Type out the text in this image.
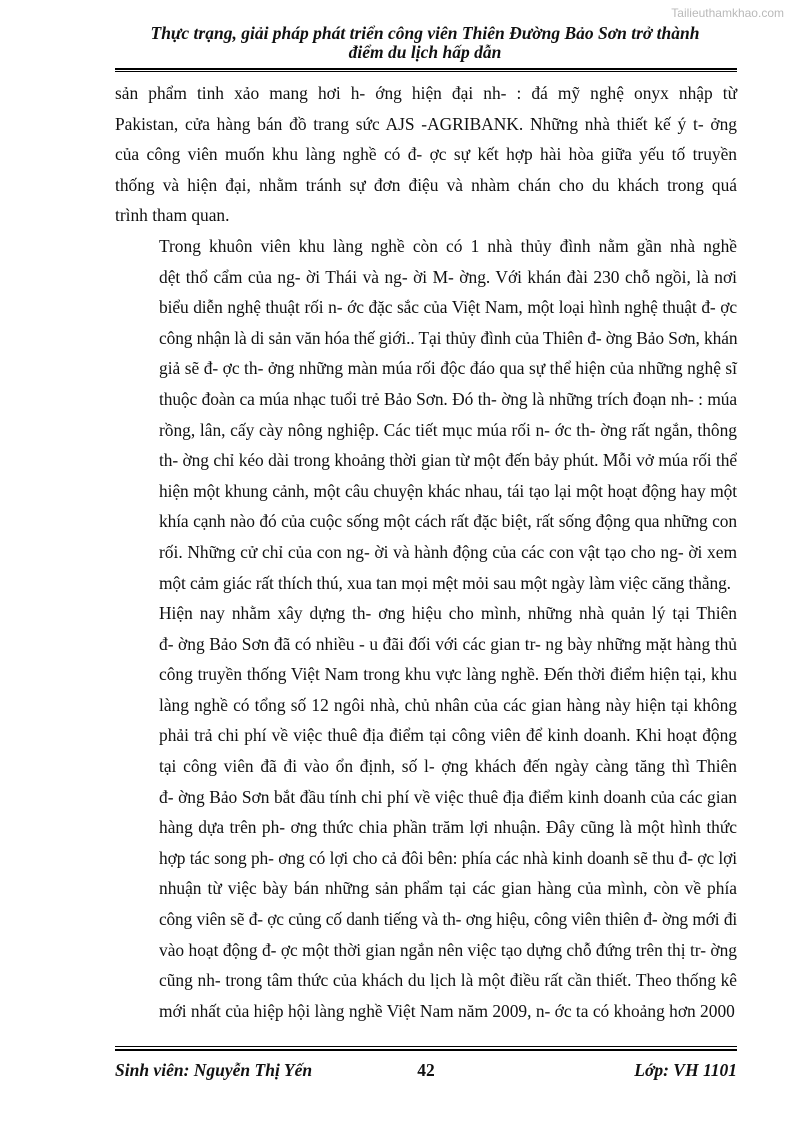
Tailieuthamkhao.com
Thực trạng, giải pháp phát triển công viên Thiên Đường Bảo Sơn trở thành
điểm du lịch hấp dẫn

sản phẩm tinh xảo mang hơi h- ớng hiện đại nh- : đá mỹ nghệ onyx nhập từ
Pakistan, cửa hàng bán đồ trang sức AJS -AGRIBANK. Những nhà thiết kế ý t- ởng
của công viên muốn khu làng nghề có đ- ợc sự kết hợp hài hòa giữa yếu tố truyền
thống và hiện đại, nhằm tránh sự đơn điệu và nhàm chán cho du khách trong quá
trình tham quan.

Trong khuôn viên khu làng nghề còn có 1 nhà thủy đình nằm gần nhà nghề
dệt thổ cẩm của ng- ời Thái và ng- ời M- ờng. Với khán đài 230 chỗ ngồi, là nơi
biểu diễn nghệ thuật rối n- ớc đặc sắc của Việt Nam, một loại hình nghệ thuật đ- ợc
công nhận là di sản văn hóa thế giới.. Tại thủy đình của Thiên đ- ờng Bảo Sơn, khán
giả sẽ đ- ợc th- ởng những màn múa rối độc đáo qua sự thể hiện của những nghệ sĩ
thuộc đoàn ca múa nhạc tuổi trẻ Bảo Sơn. Đó th- ờng là những trích đoạn nh- : múa
rồng, lân, cấy cày nông nghiệp. Các tiết mục múa rối n- ớc th- ờng rất ngắn, thông
th- ờng chỉ kéo dài trong khoảng thời gian từ một đến bảy phút. Mỗi vở múa rối thể
hiện một khung cảnh, một câu chuyện khác nhau, tái tạo lại một hoạt động hay một
khía cạnh nào đó của cuộc sống một cách rất đặc biệt, rất sống động qua những con
rối. Những cử chỉ của con ng- ời và hành động của các con vật tạo cho ng- ời xem
một cảm giác rất thích thú, xua tan mọi mệt mỏi sau một ngày làm việc căng thẳng.

Hiện nay nhằm xây dựng th- ơng hiệu cho mình, những nhà quản lý tại Thiên
đ- ờng Bảo Sơn đã có nhiều - u đãi đối với các gian tr- ng bày những mặt hàng thủ
công truyền thống Việt Nam trong khu vực làng nghề. Đến thời điểm hiện tại, khu
làng nghề có tổng số 12 ngôi nhà, chủ nhân của các gian hàng này hiện tại không
phải trả chi phí về việc thuê địa điểm tại công viên để kinh doanh. Khi hoạt động
tại công viên đã đi vào ổn định, số l- ợng khách đến ngày càng tăng thì Thiên
đ- ờng Bảo Sơn bắt đầu tính chi phí về việc thuê địa điểm kinh doanh của các gian
hàng dựa trên ph- ơng thức chia phần trăm lợi nhuận. Đây cũng là một hình thức
hợp tác song ph- ơng có lợi cho cả đôi bên: phía các nhà kinh doanh sẽ thu đ- ợc lợi
nhuận từ việc bày bán những sản phẩm tại các gian hàng của mình, còn về phía
công viên sẽ đ- ợc củng cố danh tiếng và th- ơng hiệu, công viên thiên đ- ờng mới đi
vào hoạt động đ- ợc một thời gian ngắn nên việc tạo dựng chỗ đứng trên thị tr- ờng
cũng nh- trong tâm thức của khách du lịch là một điều rất cần thiết. Theo thống kê
mới nhất của hiệp hội làng nghề Việt Nam năm 2009, n- ớc ta có khoảng hơn 2000

Sinh viên: Nguyễn Thị Yến	42	Lớp: VH 1101
